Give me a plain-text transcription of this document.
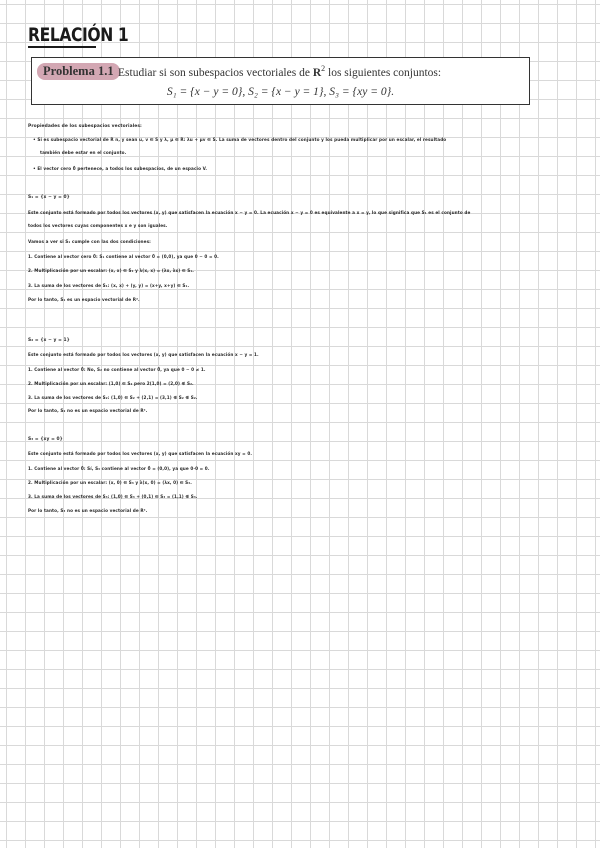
RELACIÓN 1
Problema 1.1 Estudiar si son subespacios vectoriales de $R^2$ los siguientes conjuntos:
S₁ = {x − y = 0}, S₂ = {x − y = 1}, S₃ = {xy = 0}.
Propiedades de los subespacios vectoriales:
• Si es subespacio vectorial de R n, y sean u, v ∈ S y λ, μ ∈ R: λu + μv ∈ S. La suma de vectores dentro del conjunto y los pueda multiplicar por un escalar, el resultado
también debe estar en el conjunto.
• El vector cero 0⃗ pertenece, a todos los subespacios, de un espacio V.
S₁ = {x − y = 0}
Este conjunto está formado por todos los vectores (x, y) que satisfacen la ecuación x − y = 0. La ecuación x − y = 0 es equivalente a x = y, lo que significa que S₁ es el conjunto de
todos los vectores cuyas componentes x e y son iguales.
Vamos a ver si S₁ cumple con las dos condiciones:
1. Contiene al vector cero 0⃗: S₁ contiene al vector 0⃗ = (0,0), ya que 0 − 0 = 0.
2. Multiplicación por un escalar: (x, x) ∈ S₁ y λ(x, x) = (λx, λx) ∈ S₁.
3. La suma de los vectores de S₁: (x, x) + (y, y) = (x+y, x+y) ∈ S₁.
Por lo tanto, S₁ es un espacio vectorial de R².
S₂ = {x − y = 1}
Este conjunto está formado por todos los vectores (x, y) que satisfacen la ecuación x − y = 1.
1. Contiene al vector 0⃗: No, S₂ no contiene al vector 0⃗, ya que 0 − 0 ≠ 1.
2. Multiplicación por un escalar: (1,0) ∈ S₂ pero 2(1,0) = (2,0) ∉ S₂.
3. La suma de los vectores de S₂: (1,0) ∈ S₂ + (2,1) = (3,1) ∉ S₂ ∉ S₂.
Por lo tanto, S₂ no es un espacio vectorial de R².
S₃ = {xy = 0}
Este conjunto está formado por todos los vectores (x, y) que satisfacen la ecuación xy = 0.
1. Contiene al vector 0⃗: Sí, S₃ contiene al vector 0⃗ = (0,0), ya que 0·0 = 0.
2. Multiplicación por un escalar: (x, 0) ∈ S₃ y λ(x, 0) = (λx, 0) ∈ S₃.
3. La suma de los vectores de S₃: (1,0) ∈ S₃ + (0,1) ∈ S₃ = (1,1) ∉ S₃.
Por lo tanto, S₃ no es un espacio vectorial de R².
